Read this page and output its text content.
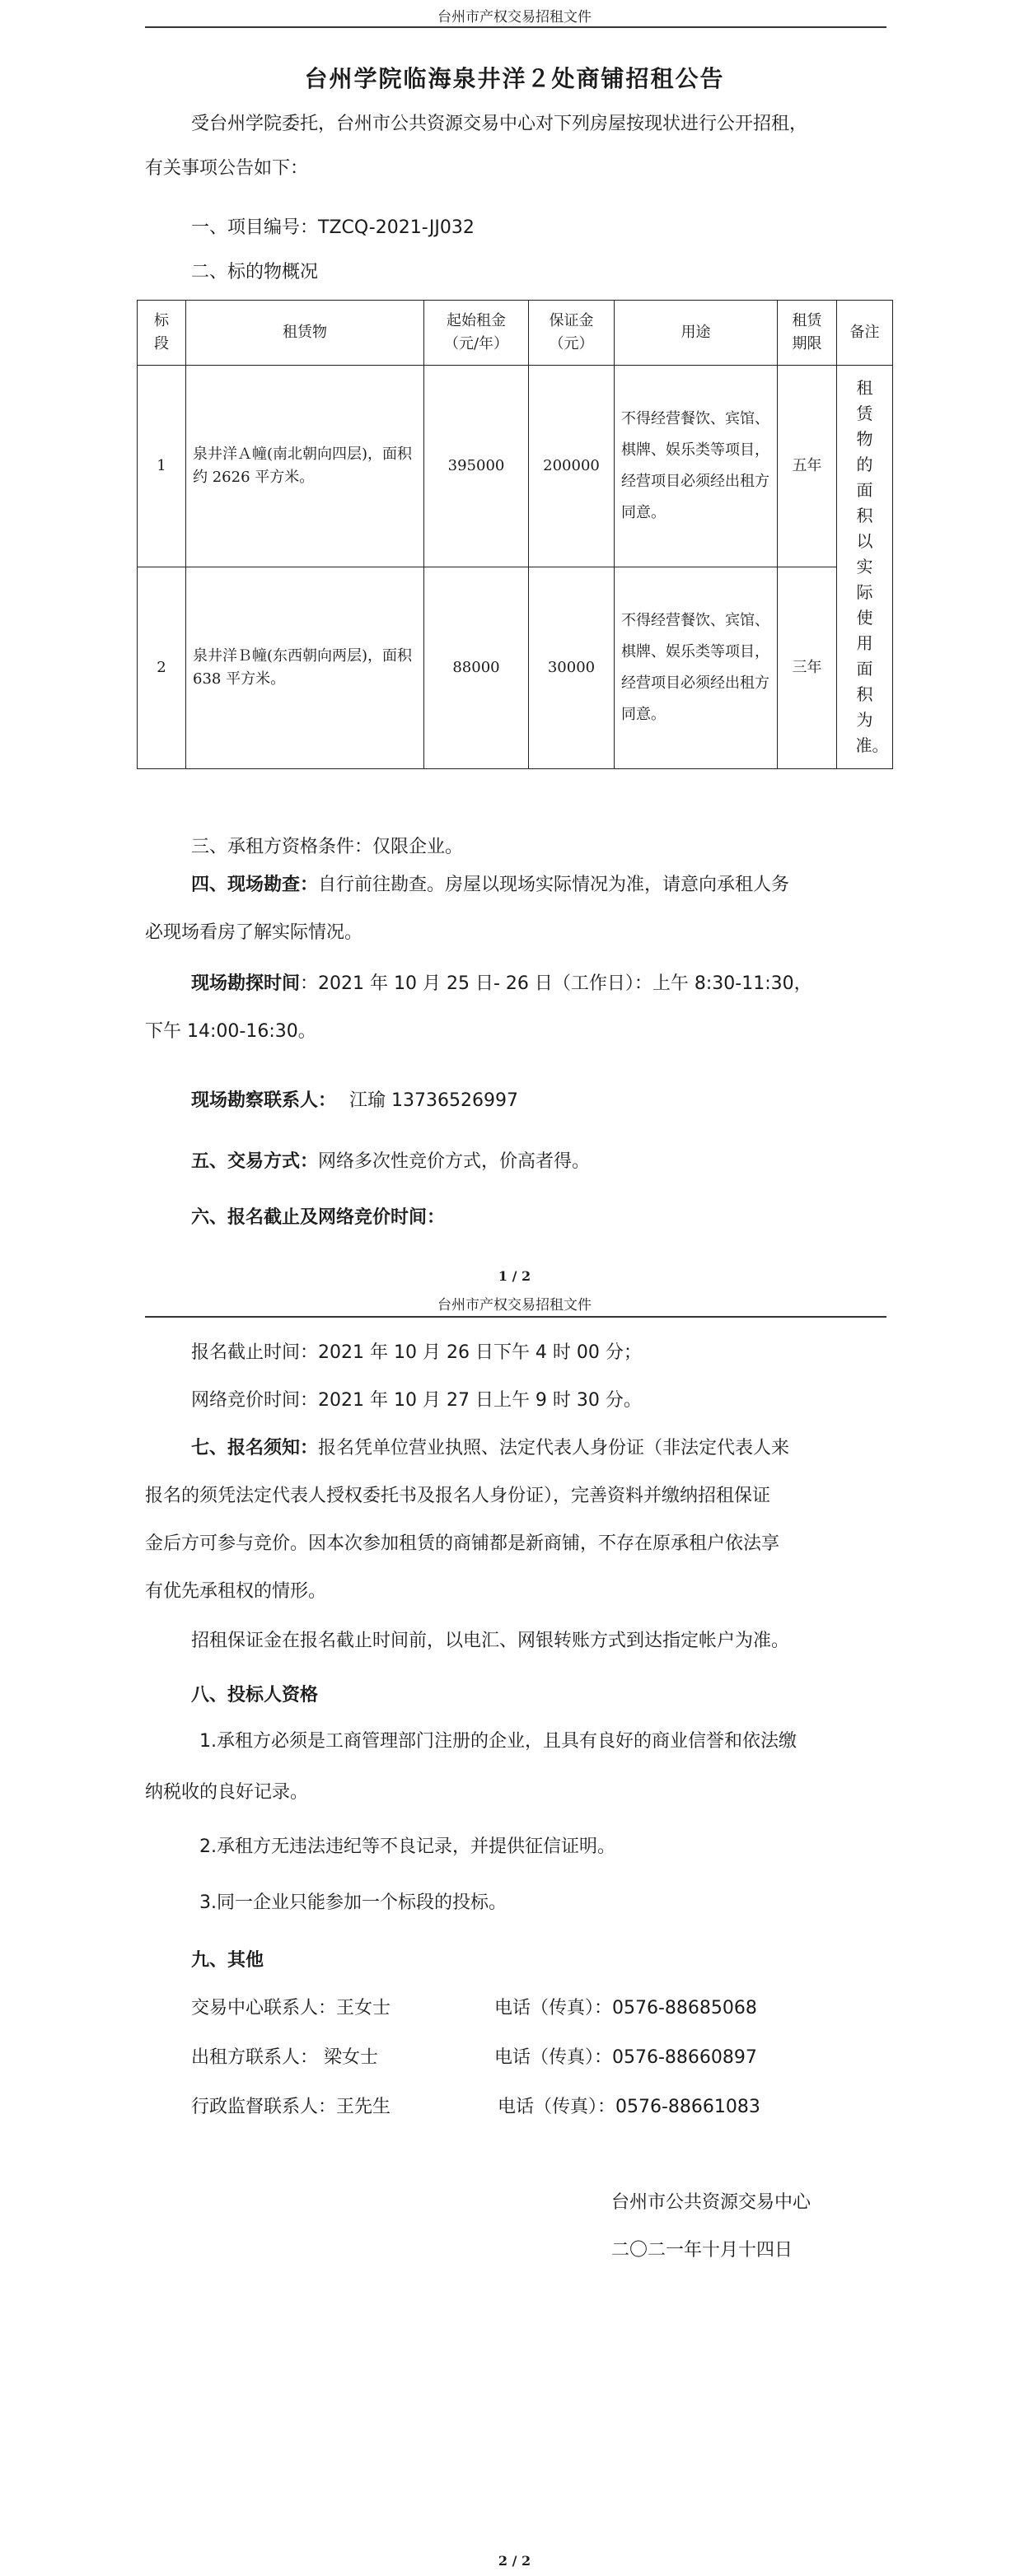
台州市产权交易招租文件
台州学院临海泉井洋２处商铺招租公告
受台州学院委托，台州市公共资源交易中心对下列房屋按现状进行公开招租，
有关事项公告如下：
一、项目编号：TZCQ-2021-JJ032
二、标的物概况
标段	租赁物	起始租金（元/年）	保证金（元）	用途	租赁期限	备注
1	泉井洋Ａ幢(南北朝向四层)，面积约 2626 平方米。	395000	200000	不得经营餐饮、宾馆、棋牌、娱乐类等项目，经营项目必须经出租方同意。	五年	租赁物的面积以实际使用面积为准。

2	泉井洋Ｂ幢(东西朝向两层)，面积 638 平方米。	88000	30000	不得经营餐饮、宾馆、棋牌、娱乐类等项目，经营项目必须经出租方同意。	三年	
三、承租方资格条件：仅限企业。
四、现场勘查：自行前往勘查。房屋以现场实际情况为准，请意向承租人务
必现场看房了解实际情况。
现场勘探时间：2021 年 10 月 25 日- 26 日（工作日）：上午 8:30-11:30，
下午 14:00-16:30。
现场勘察联系人： 江瑜 13736526997
五、交易方式：网络多次性竞价方式，价高者得。
六、报名截止及网络竞价时间：
1 / 2
台州市产权交易招租文件
报名截止时间：2021 年 10 月 26 日下午 4 时 00 分；
网络竞价时间：2021 年 10 月 27 日上午 9 时 30 分。
七、报名须知：报名凭单位营业执照、法定代表人身份证（非法定代表人来
报名的须凭法定代表人授权委托书及报名人身份证），完善资料并缴纳招租保证
金后方可参与竞价。因本次参加租赁的商铺都是新商铺，不存在原承租户依法享
有优先承租权的情形。
招租保证金在报名截止时间前，以电汇、网银转账方式到达指定帐户为准。
八、投标人资格
1.承租方必须是工商管理部门注册的企业，且具有良好的商业信誉和依法缴
纳税收的良好记录。
2.承租方无违法违纪等不良记录，并提供征信证明。
3.同一企业只能参加一个标段的投标。
九、其他
交易中心联系人：王女士	电话（传真）：0576-88685068
出租方联系人： 梁女士	电话（传真）：0576-88660897
行政监督联系人：王先生	电话（传真）：0576-88661083
台州市公共资源交易中心
二〇二一年十月十四日
2 / 2
